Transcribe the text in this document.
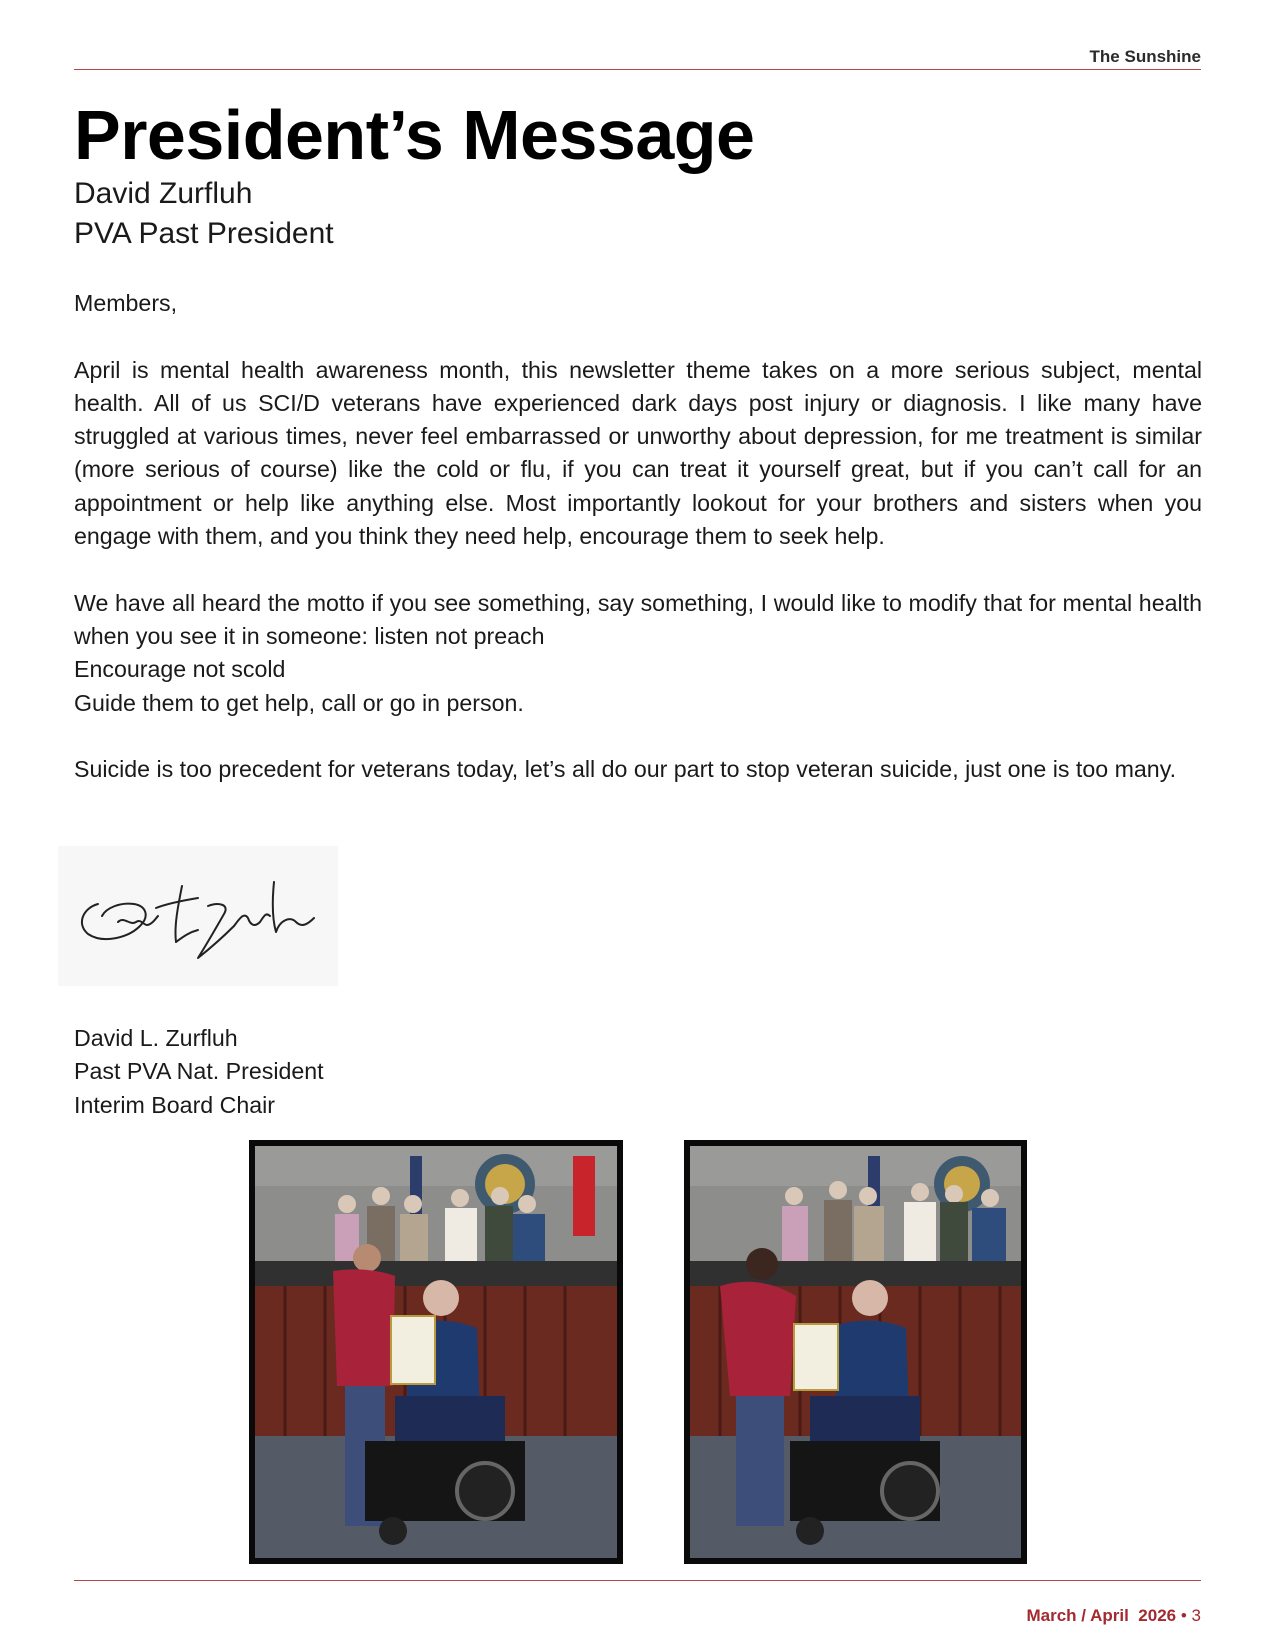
The Sunshine
President’s Message
David Zurfluh
PVA Past President

Members,

April is mental health awareness month, this newsletter theme takes on a more serious subject, mental health. All of us SCI/D veterans have experienced dark days post injury or diagnosis. I like many have struggled at various times, never feel embarrassed or unworthy about depression, for me treatment is similar (more serious of course) like the cold or flu, if you can treat it yourself great, but if you can’t call for an appointment or help like anything else. Most importantly lookout for your brothers and sisters when you engage with them, and you think they need help, encourage them to seek help.

We have all heard the motto if you see something, say something, I would like to modify that for mental health when you see it in someone: listen not preach
Encourage not scold
Guide them to get help, call or go in person.

Suicide is too precedent for veterans today, let’s all do our part to stop veteran suicide, just one is too many.

David L. Zurfluh
Past PVA Nat. President
Interim Board Chair
March / April 2026 • 3
